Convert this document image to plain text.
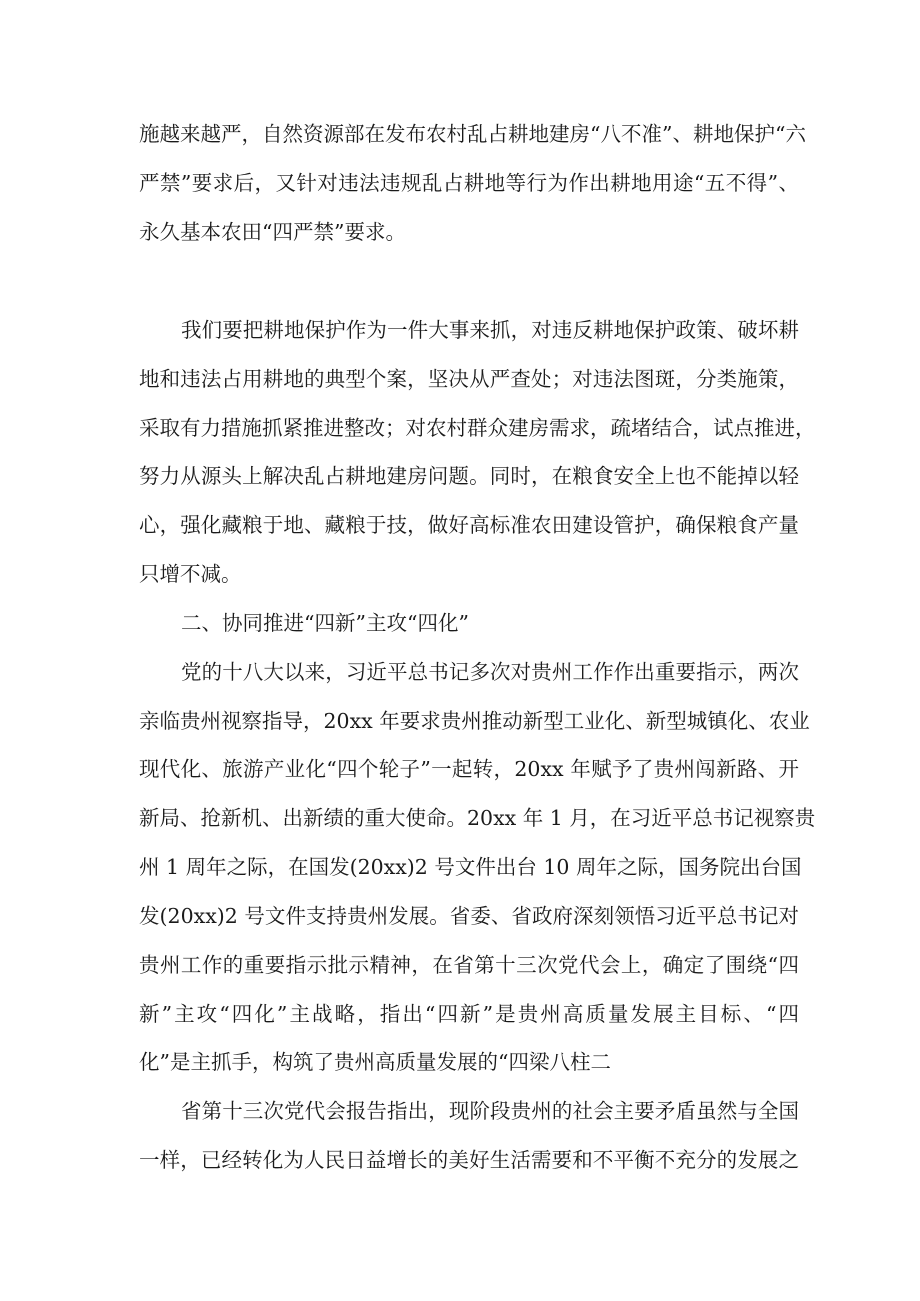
施越来越严，自然资源部在发布农村乱占耕地建房“八不准”、耕地保护“六
严禁”要求后，又针对违法违规乱占耕地等行为作出耕地用途“五不得”、
永久基本农田“四严禁”要求。
我们要把耕地保护作为一件大事来抓，对违反耕地保护政策、破坏耕
地和违法占用耕地的典型个案，坚决从严查处；对违法图斑，分类施策，
采取有力措施抓紧推进整改；对农村群众建房需求，疏堵结合，试点推进，
努力从源头上解决乱占耕地建房问题。同时，在粮食安全上也不能掉以轻
心，强化藏粮于地、藏粮于技，做好高标准农田建设管护，确保粮食产量
只增不减。
二、协同推进“四新”主攻“四化”
党的十八大以来，习近平总书记多次对贵州工作作出重要指示，两次
亲临贵州视察指导，20xx 年要求贵州推动新型工业化、新型城镇化、农业
现代化、旅游产业化“四个轮子”一起转，20xx 年赋予了贵州闯新路、开
新局、抢新机、出新绩的重大使命。20xx 年 1 月，在习近平总书记视察贵
州 1 周年之际，在国发(20xx)2 号文件出台 10 周年之际，国务院出台国
发(20xx)2 号文件支持贵州发展。省委、省政府深刻领悟习近平总书记对
贵州工作的重要指示批示精神，在省第十三次党代会上，确定了围绕“四
新”主攻“四化”主战略，指出“四新”是贵州高质量发展主目标、“四
化”是主抓手，构筑了贵州高质量发展的“四梁八柱二
省第十三次党代会报告指出，现阶段贵州的社会主要矛盾虽然与全国
一样，已经转化为人民日益增长的美好生活需要和不平衡不充分的发展之
